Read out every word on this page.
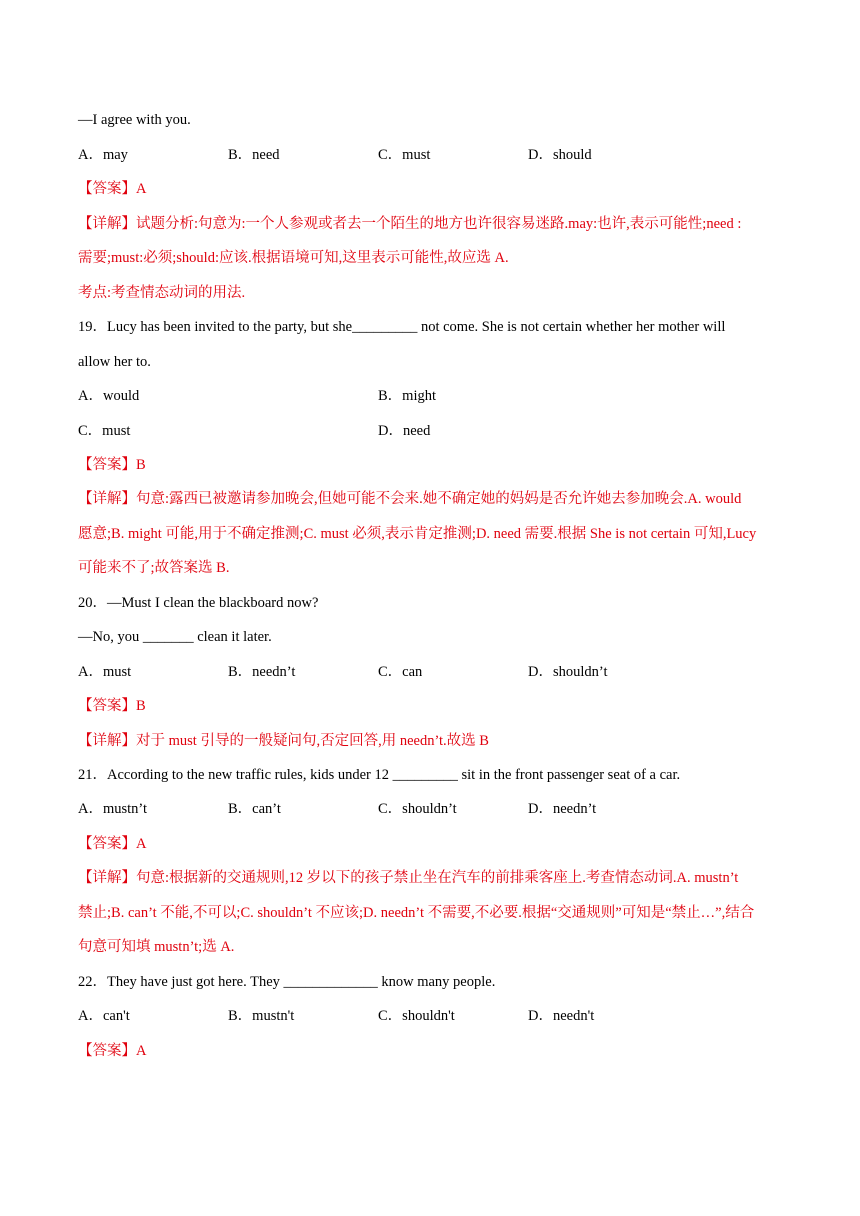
—I agree with you.
A．may	B．need	C．must	D．should
【答案】A
【详解】试题分析:句意为:一个人参观或者去一个陌生的地方也许很容易迷路.may:也许,表示可能性;need :
需要;must:必须;should:应该.根据语境可知,这里表示可能性,故应选 A.
考点:考查情态动词的用法.
19．Lucy has been invited to the party, but she_________ not come. She is not certain whether her mother will
allow her to.
A．would	B．might
C．must	D．need
【答案】B
【详解】句意:露西已被邀请参加晚会,但她可能不会来.她不确定她的妈妈是否允许她去参加晚会.A. would
愿意;B. might 可能,用于不确定推测;C. must 必须,表示肯定推测;D. need 需要.根据 She is not certain 可知,Lucy
可能来不了;故答案选 B.
20．—Must I clean the blackboard now?
—No, you _______ clean it later.
A．must	B．needn’t	C．can	D．shouldn’t
【答案】B
【详解】对于 must 引导的一般疑问句,否定回答,用 needn’t.故选 B
21．According to the new traffic rules, kids under 12 _________ sit in the front passenger seat of a car.
A．mustn’t	B．can’t	C．shouldn’t	D．needn’t
【答案】A
【详解】句意:根据新的交通规则,12 岁以下的孩子禁止坐在汽车的前排乘客座上.考查情态动词.A. mustn’t
禁止;B. can’t 不能,不可以;C. shouldn’t 不应该;D. needn’t 不需要,不必要.根据“交通规则”可知是“禁止…”,结合
句意可知填 mustn’t;选 A.
22．They have just got here. They _____________ know many people.
A．can't	B．mustn't	C．shouldn't	D．needn't
【答案】A
